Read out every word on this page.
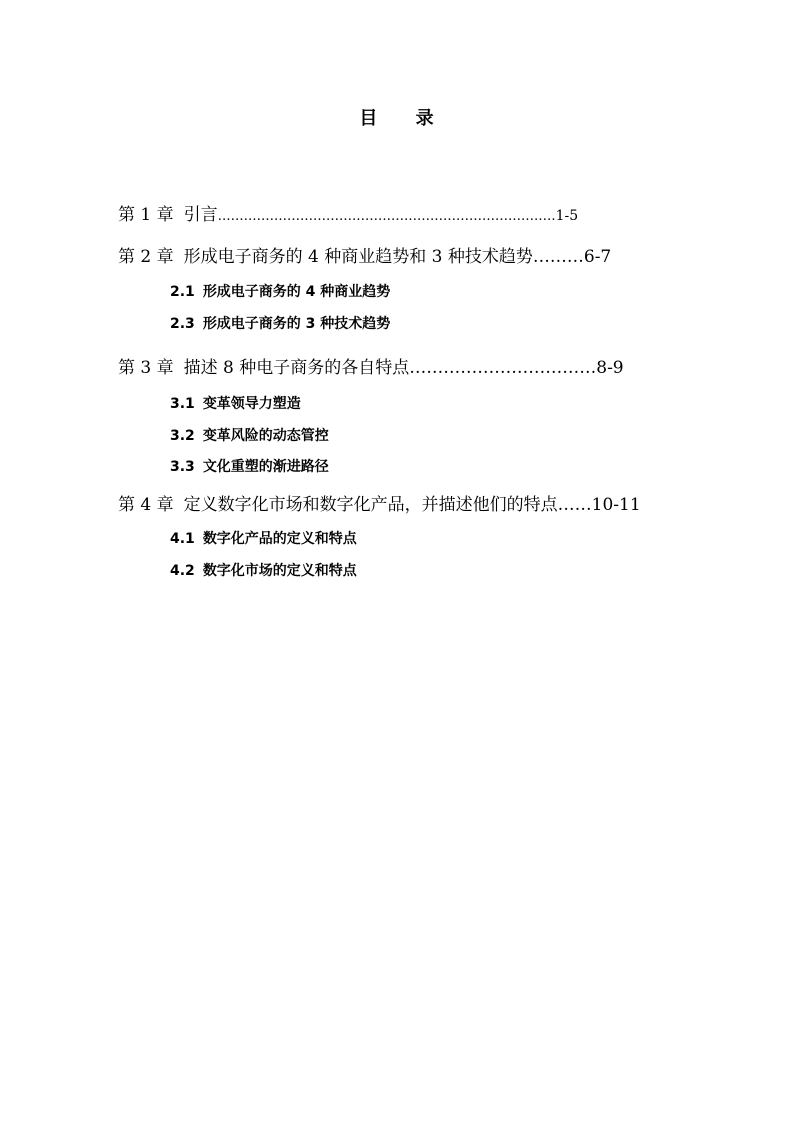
目 录
第 1 章 引言 …………………………………………………………………… 1-5
第 2 章 形成电子商务的 4 种商业趋势和 3 种技术趋势 ……… 6-7
2.1 形成电子商务的 4 种商业趋势
2.3 形成电子商务的 3 种技术趋势
第 3 章 描述 8 种电子商务的各自特点 …………………………… 8-9
3.1 变革领导力塑造
3.2 变革风险的动态管控
3.3 文化重塑的渐进路径
第 4 章 定义数字化市场和数字化产品，并描述他们的特点 …… 10-11
4.1 数字化产品的定义和特点
4.2 数字化市场的定义和特点
